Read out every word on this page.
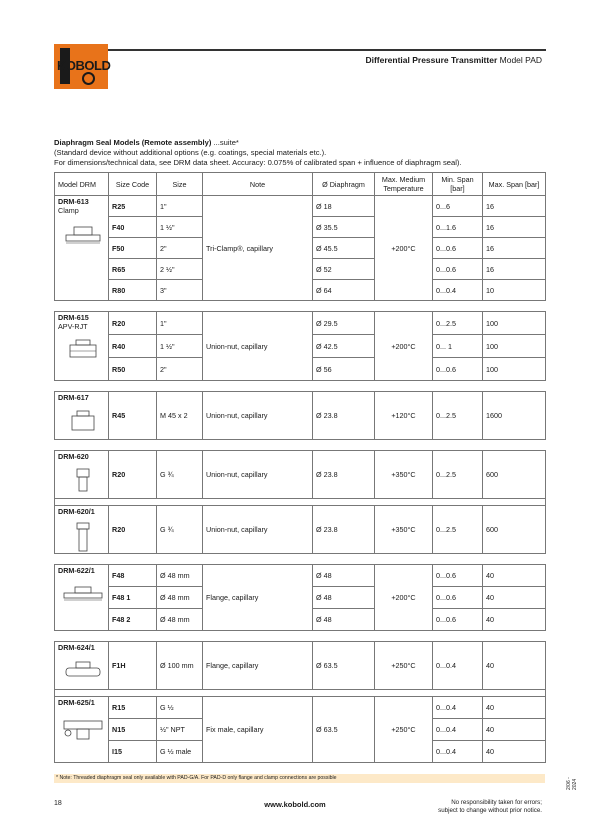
KOBOLD	Differential Pressure Transmitter Model PAD
Diaphragm Seal Models (Remote assembly) ...suite*
(Standard device without additional options (e.g. coatings, special materials etc.).
For dimensions/technical data, see DRM data sheet. Accuracy: 0.075% of calibrated span + influence of diaphragm seal).
Model DRM	Size Code	Size	Note	Ø Diaphragm	Max. Medium Temperature	Min. Span [bar]	Max. Span [bar]

DRM-613
Clamp	R25	1"	Tri-Clamp®, capillary	Ø 18	+200°C	0...6	16
	F40	1 ½"		Ø 35.5		0...1.6	16
	F50	2"		Ø 45.5		0...0.6	16
	R65	2 ½"		Ø 52		0...0.6	16
	R80	3"		Ø 64		0...0.4	10

DRM-615
APV-RJT	R20	1"	Union-nut, capillary	Ø 29.5	+200°C	0...2.5	100
	R40	1 ½"		Ø 42.5		0... 1	100
	R50	2"		Ø 56		0...0.6	100

DRM-617	R45	M 45 x 2	Union-nut, capillary	Ø 23.8	+120°C	0...2.5	1600

DRM-620	R20	G ¾	Union-nut, capillary	Ø 23.8	+350°C	0...2.5	600

DRM-620/1	R20	G ¾	Union-nut, capillary	Ø 23.8	+350°C	0...2.5	600

DRM-622/1	F48	Ø 48 mm	Flange, capillary	Ø 48	+200°C	0...0.6	40
	F48 1	Ø 48 mm		Ø 48		0...0.6	40
	F48 2	Ø 48 mm		Ø 48		0...0.6	40

DRM-624/1	F1H	Ø 100 mm	Flange, capillary	Ø 63.5	+250°C	0...0.4	40

DRM-625/1	R15	G ½	Fix male, capillary	Ø 63.5	+250°C	0...0.4	40
	N15	½" NPT				0...0.4	40
	I15	G ½ male				0...0.4	40
* Note: Threaded diaphragm seal only available with PAD-G/A. For PAD-D only flange and clamp connections are possible
18	www.kobold.com	No responsibility taken for errors;
subject to change without prior notice.
2/06 - 2024
